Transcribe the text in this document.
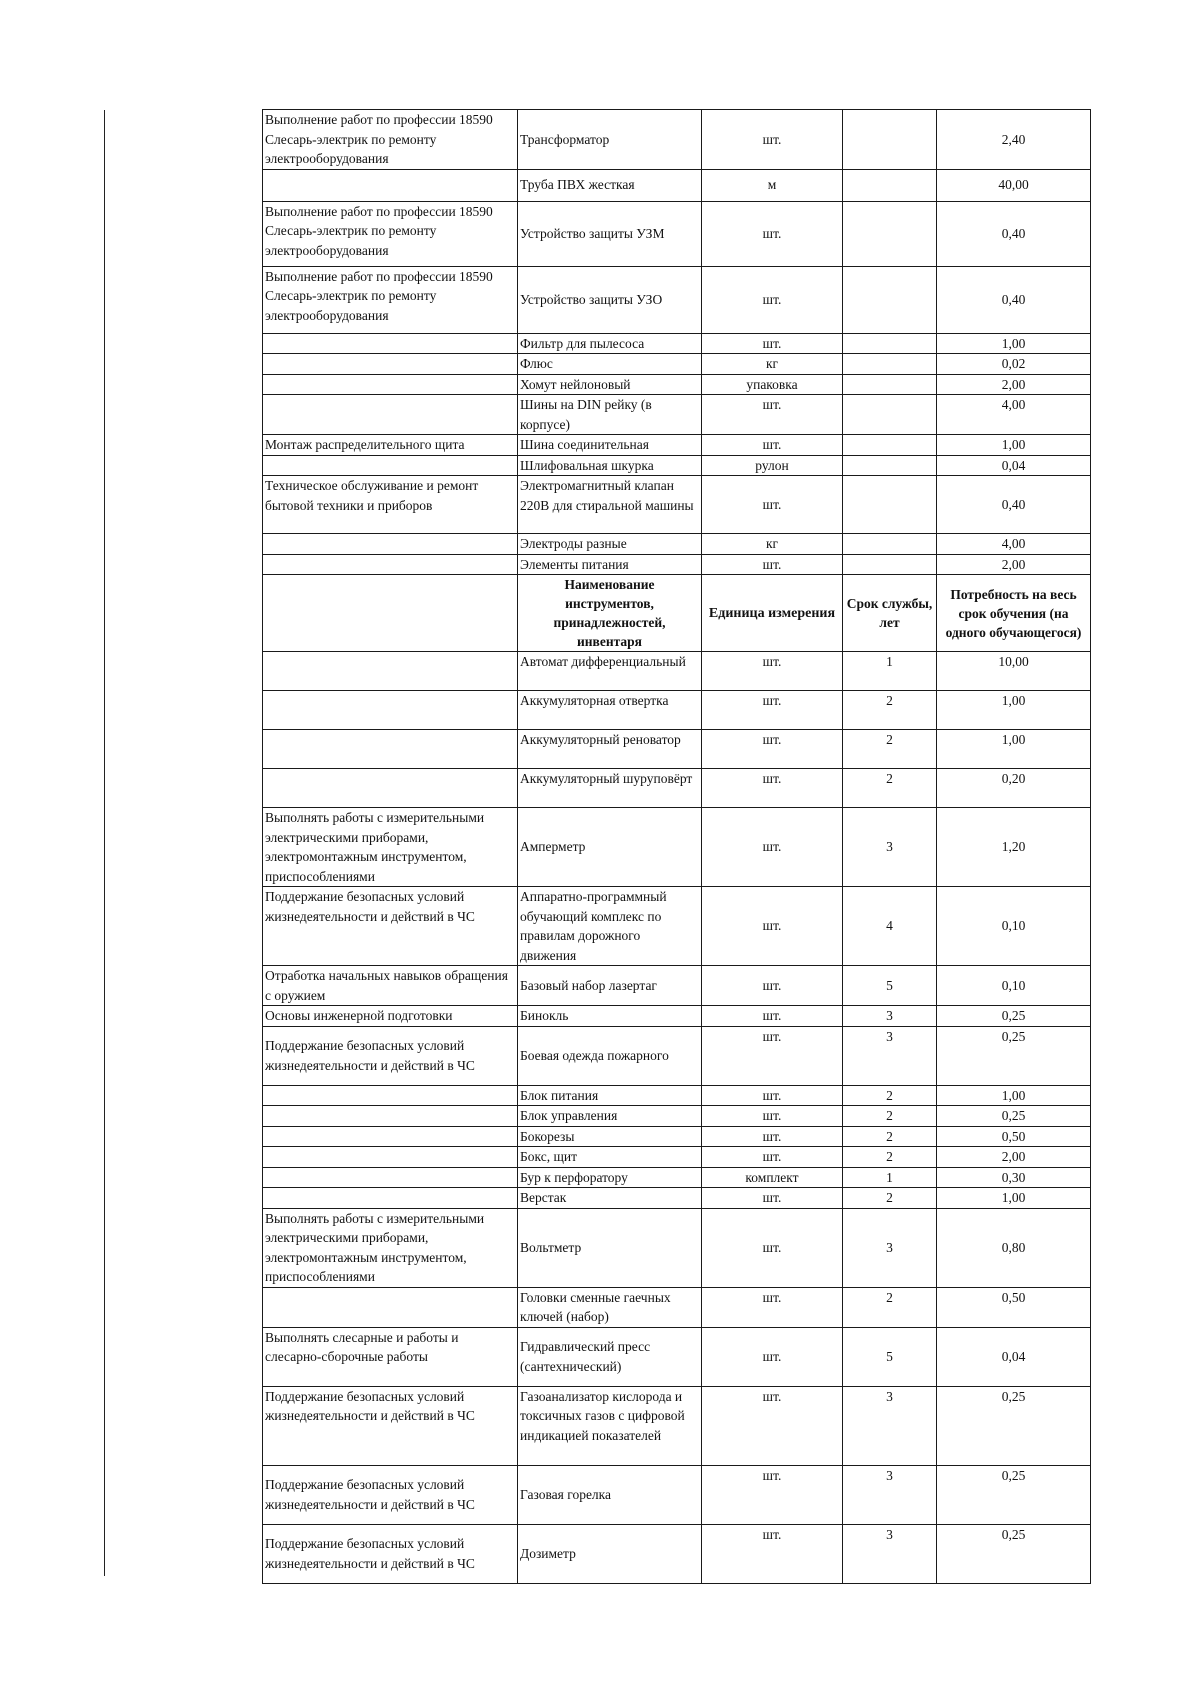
Выполнение работ по профессии 18590 Слесарь-электрик по ремонту электрооборудования	Трансформатор	шт.		2,40
	Труба ПВХ жесткая	м		40,00
Выполнение работ по профессии 18590 Слесарь-электрик по ремонту электрооборудования	Устройство защиты УЗМ	шт.		0,40
Выполнение работ по профессии 18590 Слесарь-электрик по ремонту электрооборудования	Устройство защиты УЗО	шт.		0,40
	Фильтр для пылесоса	шт.		1,00
	Флюс	кг		0,02
	Хомут нейлоновый	упаковка		2,00
	Шины на DIN рейку (в корпусе)	шт.		4,00
Монтаж распределительного щита	Шина соединительная	шт.		1,00
	Шлифовальная шкурка	рулон		0,04
Техническое обслуживание и ремонт бытовой техники и приборов	Электромагнитный клапан 220В для стиральной машины	шт.		0,40
	Электроды разные	кг		4,00
	Элементы питания	шт.		2,00
	Наименование инструментов, принадлежностей, инвентаря	Единица измерения	Срок службы, лет	Потребность на весь срок обучения (на одного обучающегося)
	Автомат дифференциальный	шт.	1	10,00
	Аккумуляторная отвертка	шт.	2	1,00
	Аккумуляторный реноватор	шт.	2	1,00
	Аккумуляторный шуруповёрт	шт.	2	0,20
Выполнять работы с измерительными электрическими приборами, электромонтажным инструментом, приспособлениями	Амперметр	шт.	3	1,20
Поддержание безопасных условий жизнедеятельности и действий в ЧС	Аппаратно-программный обучающий комплекс по правилам дорожного движения	шт.	4	0,10
Отработка начальных навыков обращения с оружием	Базовый набор лазертаг	шт.	5	0,10
Основы инженерной подготовки	Бинокль	шт.	3	0,25
Поддержание безопасных условий жизнедеятельности и действий в ЧС	Боевая одежда пожарного	шт.	3	0,25
	Блок питания	шт.	2	1,00
	Блок управления	шт.	2	0,25
	Бокорезы	шт.	2	0,50
	Бокс, щит	шт.	2	2,00
	Бур к перфоратору	комплект	1	0,30
	Верстак	шт.	2	1,00
Выполнять работы с измерительными электрическими приборами, электромонтажным инструментом, приспособлениями	Вольтметр	шт.	3	0,80
	Головки сменные гаечных ключей (набор)	шт.	2	0,50
Выполнять слесарные и работы и слесарно-сборочные работы	Гидравлический пресс (сантехнический)	шт.	5	0,04
Поддержание безопасных условий жизнедеятельности и действий в ЧС	Газоанализатор кислорода и токсичных газов с цифровой индикацией показателей	шт.	3	0,25
Поддержание безопасных условий жизнедеятельности и действий в ЧС	Газовая горелка	шт.	3	0,25
Поддержание безопасных условий жизнедеятельности и действий в ЧС	Дозиметр	шт.	3	0,25
